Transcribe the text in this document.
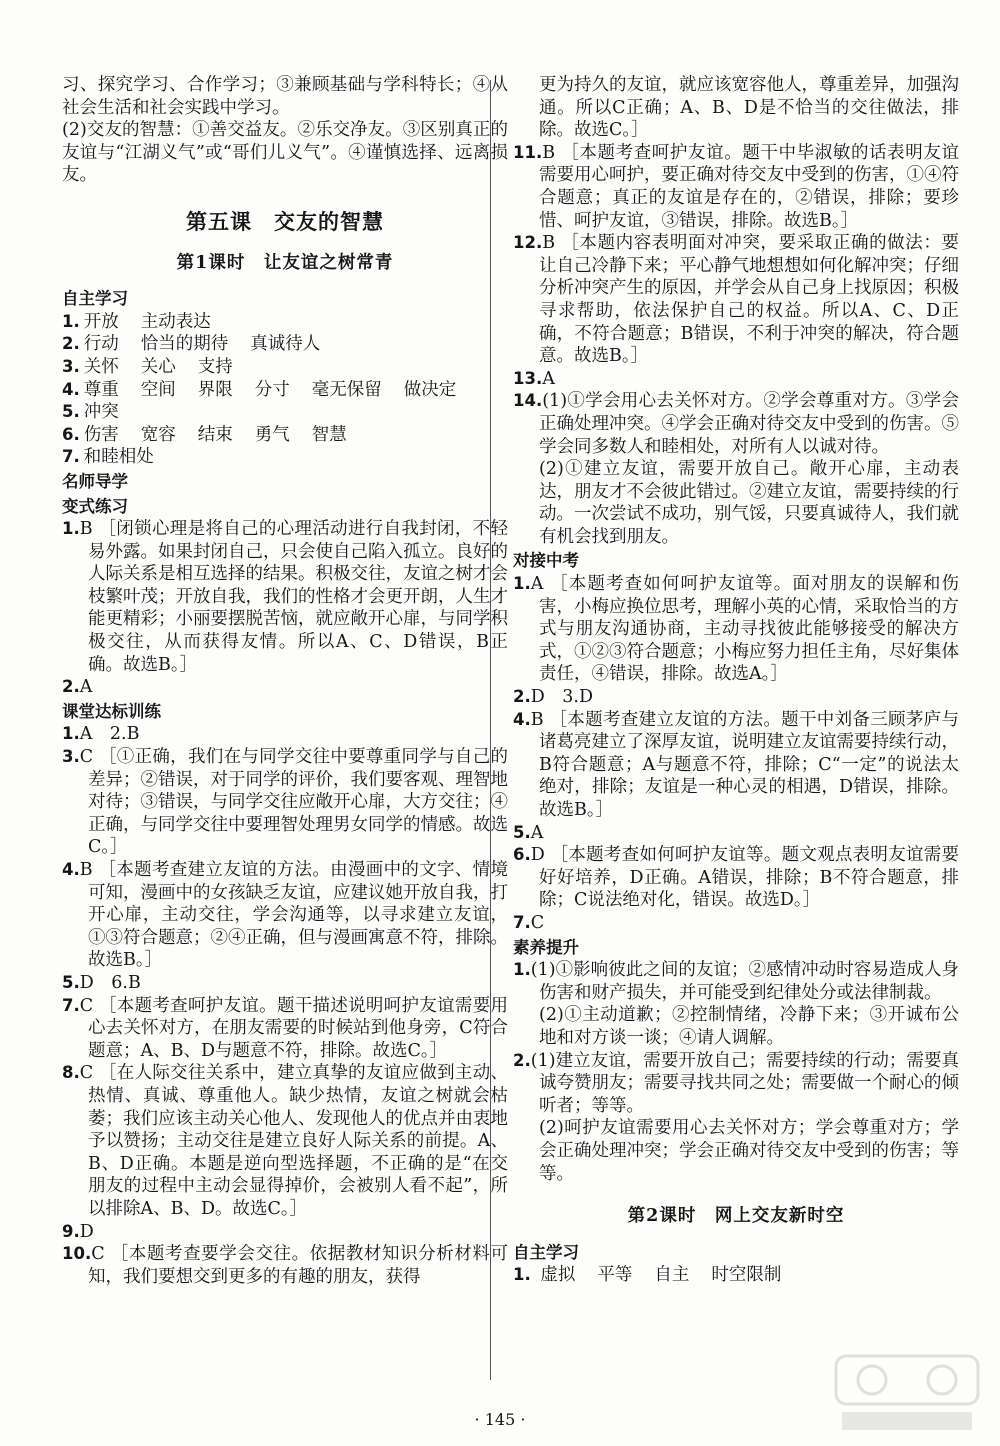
习、探究学习、合作学习；③兼顾基础与学科特长；④从社会生活和社会实践中学习。

(2)交友的智慧：①善交益友。②乐交净友。③区别真正的友谊与“江湖义气”或“哥们儿义气”。④谨慎选择、远离损友。

第五课　交友的智慧
第1课时　让友谊之树常青
自主学习

1. 开放 主动表达

2. 行动 恰当的期待 真诚待人

3. 关怀 关心 支持

4. 尊重 空间 界限 分寸 毫无保留 做决定

5. 冲突

6. 伤害 宽容 结束 勇气 智慧

7. 和睦相处

名师导学
变式练习

1.B ［闭锁心理是将自己的心理活动进行自我封闭，不轻易外露。如果封闭自己，只会使自己陷入孤立。良好的人际关系是相互选择的结果。积极交往，友谊之树才会枝繁叶茂；开放自我，我们的性格才会更开朗，人生才能更精彩；小丽要摆脱苦恼，就应敞开心扉，与同学积极交往，从而获得友情。所以A、C、D错误，B正确。故选B。］

2.A

课堂达标训练

1.A　2.B

3.C ［①正确，我们在与同学交往中要尊重同学与自己的差异；②错误，对于同学的评价，我们要客观、理智地对待；③错误，与同学交往应敞开心扉，大方交往；④正确，与同学交往中要理智处理男女同学的情感。故选C。］

4.B ［本题考查建立友谊的方法。由漫画中的文字、情境可知，漫画中的女孩缺乏友谊，应建议她开放自我，打开心扉，主动交往，学会沟通等，以寻求建立友谊，①③符合题意；②④正确，但与漫画寓意不符，排除。故选B。］

5.D　6.B

7.C ［本题考查呵护友谊。题干描述说明呵护友谊需要用心去关怀对方，在朋友需要的时候站到他身旁，C符合题意；A、B、D与题意不符，排除。故选C。］

8.C ［在人际交往关系中，建立真挚的友谊应做到主动、热情、真诚、尊重他人。缺少热情，友谊之树就会枯萎；我们应该主动关心他人、发现他人的优点并由衷地予以赞扬；主动交往是建立良好人际关系的前提。A、B、D正确。本题是逆向型选择题，不正确的是“在交朋友的过程中主动会显得掉价，会被别人看不起”，所以排除A、B、D。故选C。］

9.D

10.C ［本题考查要学会交往。依据教材知识分析材料可知，我们要想交到更多的有趣的朋友，获得

更为持久的友谊，就应该宽容他人，尊重差异，加强沟通。所以C正确；A、B、D是不恰当的交往做法，排除。故选C。］

11.B ［本题考查呵护友谊。题干中毕淑敏的话表明友谊需要用心呵护，要正确对待交友中受到的伤害，①④符合题意；真正的友谊是存在的，②错误，排除；要珍惜、呵护友谊，③错误，排除。故选B。］

12.B ［本题内容表明面对冲突，要采取正确的做法：要让自己冷静下来；平心静气地想想如何化解冲突；仔细分析冲突产生的原因，并学会从自己身上找原因；积极寻求帮助，依法保护自己的权益。所以A、C、D正确，不符合题意；B错误，不利于冲突的解决，符合题意。故选B。］

13.A

14.(1)①学会用心去关怀对方。②学会尊重对方。③学会正确处理冲突。④学会正确对待交友中受到的伤害。⑤学会同多数人和睦相处，对所有人以诚对待。

(2)①建立友谊，需要开放自己。敞开心扉，主动表达，朋友才不会彼此错过。②建立友谊，需要持续的行动。一次尝试不成功，别气馁，只要真诚待人，我们就有机会找到朋友。

对接中考

1.A ［本题考查如何呵护友谊等。面对朋友的误解和伤害，小梅应换位思考，理解小英的心情，采取恰当的方式与朋友沟通协商，主动寻找彼此能够接受的解决方式，①②③符合题意；小梅应努力担任主角，尽好集体责任，④错误，排除。故选A。］

2.D　3.D

4.B ［本题考查建立友谊的方法。题干中刘备三顾茅庐与诸葛亮建立了深厚友谊，说明建立友谊需要持续行动，B符合题意；A与题意不符，排除；C“一定”的说法太绝对，排除；友谊是一种心灵的相遇，D错误，排除。故选B。］

5.A

6.D ［本题考查如何呵护友谊等。题文观点表明友谊需要好好培养，D正确。A错误，排除；B不符合题意，排除；C说法绝对化，错误。故选D。］

7.C

素养提升

1.(1)①影响彼此之间的友谊；②感情冲动时容易造成人身伤害和财产损失，并可能受到纪律处分或法律制裁。

(2)①主动道歉；②控制情绪，冷静下来；③开诚布公地和对方谈一谈；④请人调解。

2.(1)建立友谊，需要开放自己；需要持续的行动；需要真诚夸赞朋友；需要寻找共同之处；需要做一个耐心的倾听者；等等。

(2)呵护友谊需要用心去关怀对方；学会尊重对方；学会正确处理冲突；学会正确对待交友中受到的伤害；等等。

第2课时　网上交友新时空
自主学习

1. 虚拟 平等 自主 时空限制

· 145 ·
